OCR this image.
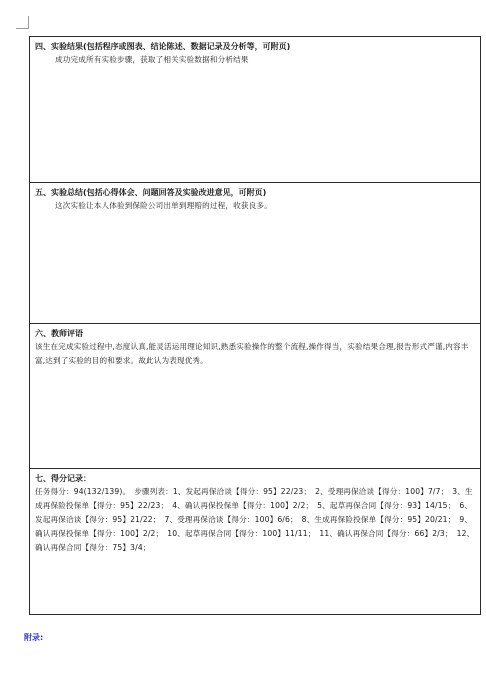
四、实验结果(包括程序或图表、结论陈述、数据记录及分析等，可附页)
成功完成所有实验步骤，获取了相关实验数据和分析结果
五、实验总结(包括心得体会、问题回答及实验改进意见，可附页)
这次实验让本人体验到保险公司出单到理赔的过程，收获良多。
六、教师评语
该生在完成实验过程中,态度认真,能灵活运用理论知识,熟悉实验操作的整个流程,操作得当，实验结果合理,报告形式严谨,内容丰富,达到了实验的目的和要求。故此认为表现优秀。
七、得分记录：
任务得分：94(132/139)。　步骤列表：1、发起再保洽谈【得分：95】22/23；　2、受理再保洽谈【得分：100】7/7；　3、生成再保险投保单【得分：95】22/23；　4、确认再保投保单【得分：100】2/2；　5、起草再保合同【得分：93】14/15；　6、发起再保洽谈【得分：95】21/22；　7、受理再保洽谈【得分：100】6/6；　8、生成再保险投保单【得分：95】20/21；　9、确认再保投保单【得分：100】2/2；　10、起草再保合同【得分：100】11/11；　11、确认再保合同【得分：66】2/3；　12、确认再保合同【得分：75】3/4；
附录:
